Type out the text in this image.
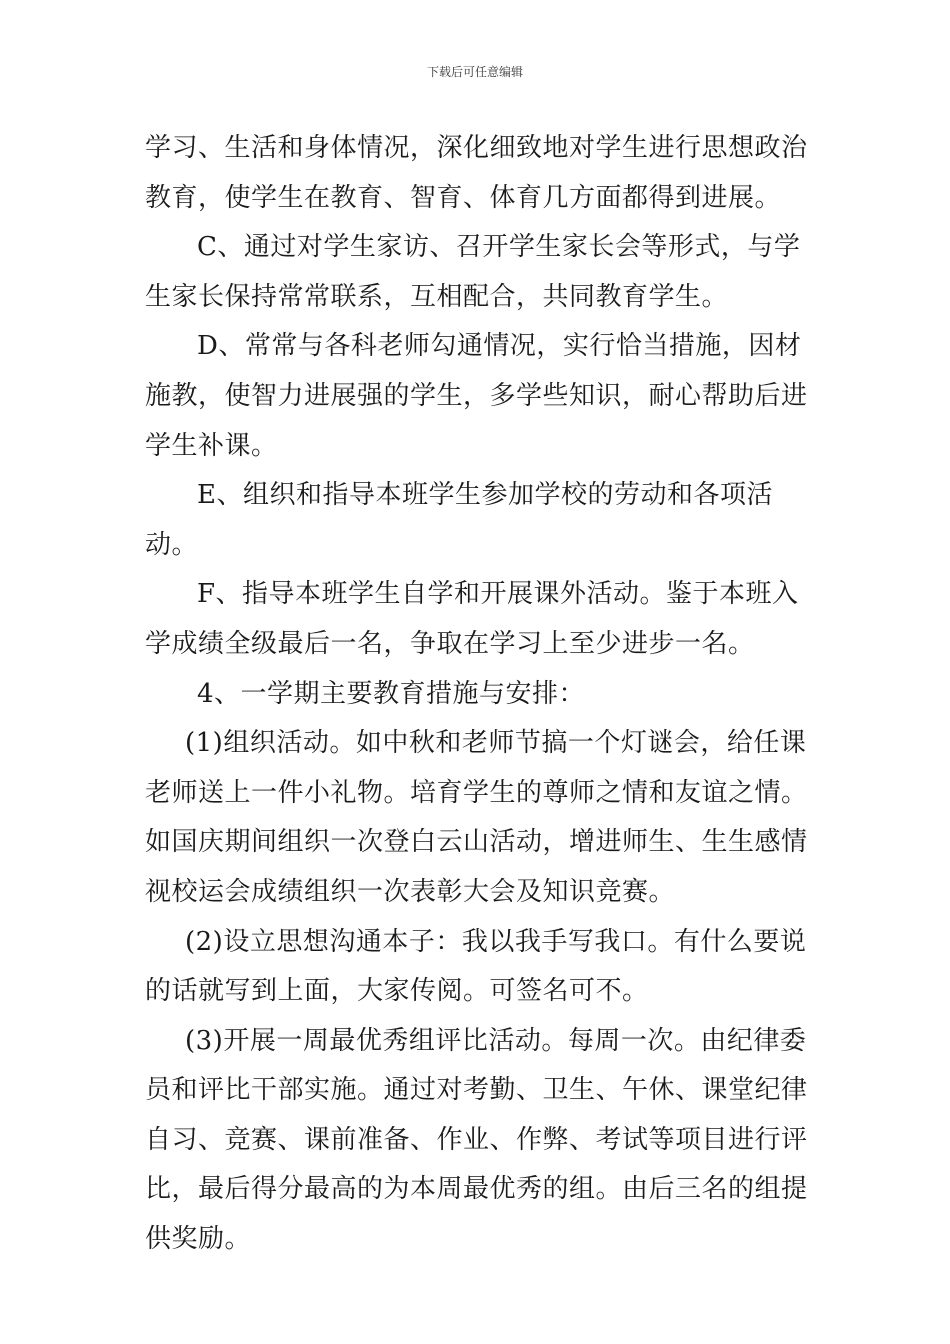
下载后可任意编辑

学习、生活和身体情况，深化细致地对学生进行思想政治教育，使学生在教育、智育、体育几方面都得到进展。

C、通过对学生家访、召开学生家长会等形式，与学生家长保持常常联系，互相配合，共同教育学生。

D、常常与各科老师勾通情况，实行恰当措施，因材施教，使智力进展强的学生，多学些知识，耐心帮助后进学生补课。

E、组织和指导本班学生参加学校的劳动和各项活动。

F、指导本班学生自学和开展课外活动。鉴于本班入学成绩全级最后一名，争取在学习上至少进步一名。

4、一学期主要教育措施与安排：

(1)组织活动。如中秋和老师节搞一个灯谜会，给任课老师送上一件小礼物。培育学生的尊师之情和友谊之情。如国庆期间组织一次登白云山活动，增进师生、生生感情视校运会成绩组织一次表彰大会及知识竞赛。

(2)设立思想沟通本子：我以我手写我口。有什么要说的话就写到上面，大家传阅。可签名可不。

(3)开展一周最优秀组评比活动。每周一次。由纪律委员和评比干部实施。通过对考勤、卫生、午休、课堂纪律自习、竞赛、课前准备、作业、作弊、考试等项目进行评比，最后得分最高的为本周最优秀的组。由后三名的组提供奖励。
